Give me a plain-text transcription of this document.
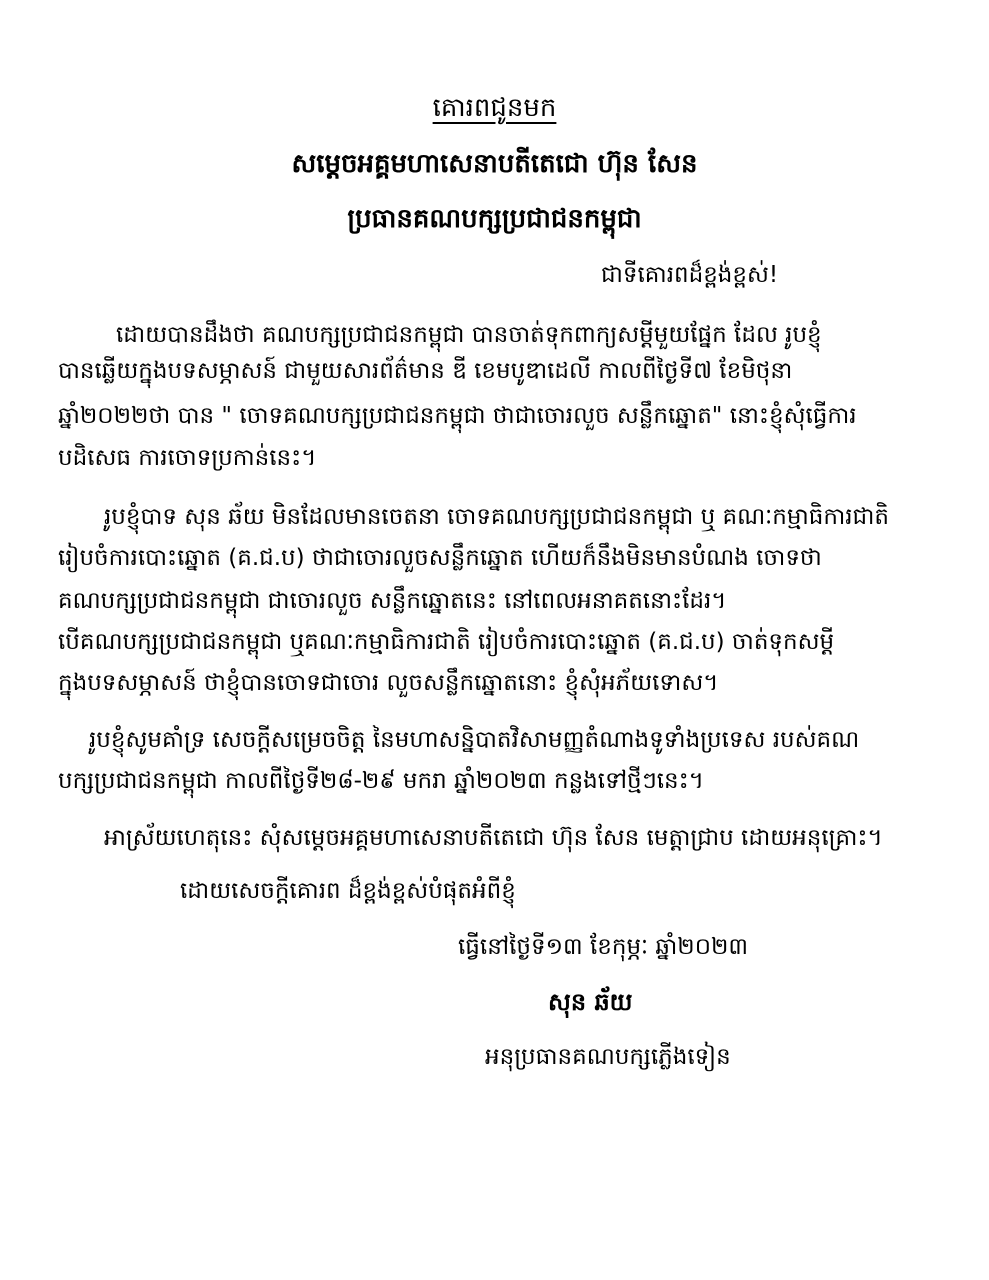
គោរពជូនមក
សម្តេចអគ្គមហាសេនាបតីតេជោ ហ៊ុន សែន
ប្រធានគណបក្សប្រជាជនកម្ពុជា
ជាទីគោរពដ៏ខ្ពង់ខ្ពស់!
ដោយបានដឹងថា គណបក្សប្រជាជនកម្ពុជា បានចាត់ទុកពាក្យសម្តីមួយផ្នែក ដែល រូបខ្ញុំ
បានឆ្លើយក្នុងបទសម្ភាសន៍ ជាមួយសារព័ត៌មាន ឌី ខេមបូឌាដេលី កាលពីថ្ងៃទី៧ ខែមិថុនា
ឆ្នាំ២០២២ថា បាន " ចោទគណបក្សប្រជាជនកម្ពុជា ថាជាចោរលួច សន្លឹកឆ្នោត" នោះខ្ញុំសុំធ្វើការ
បដិសេធ ការចោទប្រកាន់នេះ។
រូបខ្ញុំបាទ សុន ឆ័យ មិនដែលមានចេតនា ចោទគណបក្សប្រជាជនកម្ពុជា ឬ គណៈកម្មាធិការជាតិ
រៀបចំការបោះឆ្នោត (គ.ជ.ប) ថាជាចោរលួចសន្លឹកឆ្នោត ហើយក៏នឹងមិនមានបំណង ចោទថា
គណបក្សប្រជាជនកម្ពុជា ជាចោរលួច សន្លឹកឆ្នោតនេះ នៅពេលអនាគតនោះដែរ។
បើគណបក្សប្រជាជនកម្ពុជា ឬគណៈកម្មាធិការជាតិ រៀបចំការបោះឆ្នោត (គ.ជ.ប) ចាត់ទុកសម្តី
ក្នុងបទសម្ភាសន៍ ថាខ្ញុំបានចោទជាចោរ លួចសន្លឹកឆ្នោតនោះ ខ្ញុំសុំអភ័យទោស។
រូបខ្ញុំសូមគាំទ្រ សេចក្តីសម្រេចចិត្ត នៃមហាសន្និបាតវិសាមញ្ញតំណាងទូទាំងប្រទេស របស់គណ
បក្សប្រជាជនកម្ពុជា កាលពីថ្ងៃទី២៨-២៩ មករា ឆ្នាំ២០២៣ កន្លងទៅថ្មីៗនេះ។
អាស្រ័យហេតុនេះ សុំសម្តេចអគ្គមហាសេនាបតីតេជោ ហ៊ុន សែន មេត្តាជ្រាប ដោយអនុគ្រោះ។
ដោយសេចក្តីគោរព ដ៏ខ្ពង់ខ្ពស់បំផុតអំពីខ្ញុំ
ធ្វើនៅថ្ងៃទី១៣ ខែកុម្ភៈ ឆ្នាំ២០២៣
សុន ឆ័យ
អនុប្រធានគណបក្សភ្លើងទៀន
